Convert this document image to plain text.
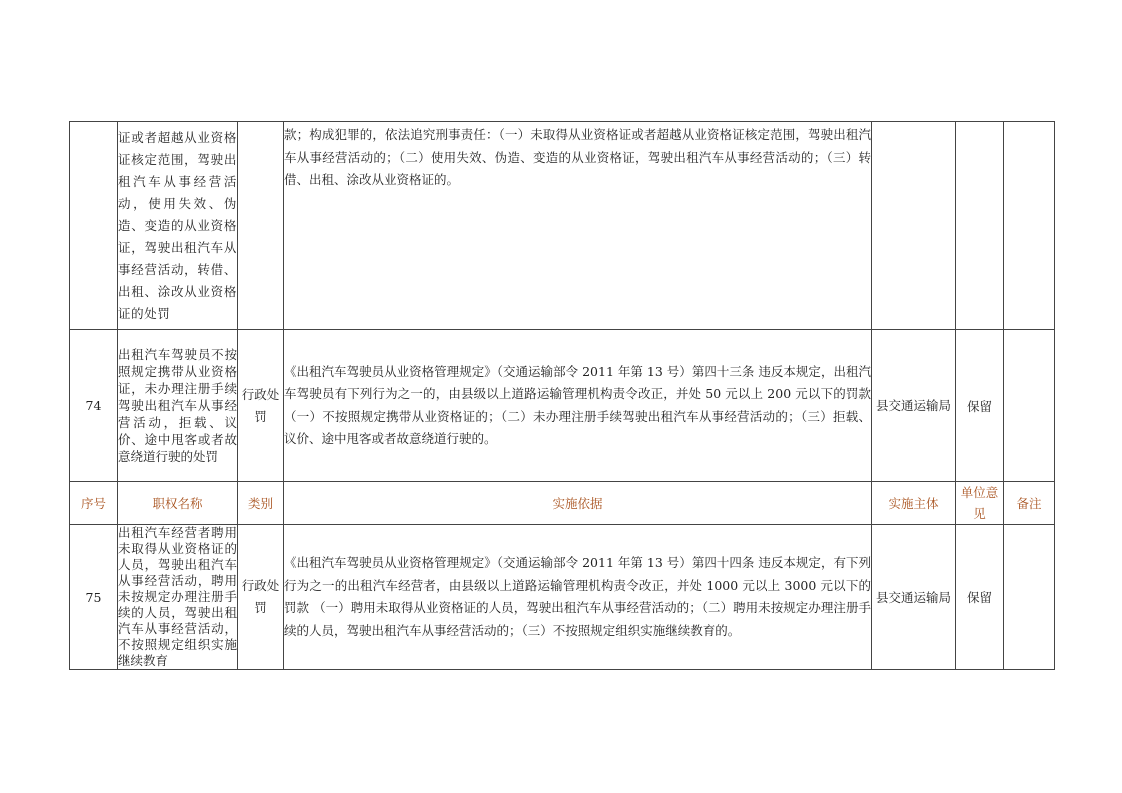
	证或者超越从业资格证核定范围，驾驶出租汽车从事经营活动，使用失效、伪造、变造的从业资格证，驾驶出租汽车从事经营活动，转借、出租、涂改从业资格证的处罚		款；构成犯罪的，依法追究刑事责任：（一）未取得从业资格证或者超越从业资格证核定范围，驾驶出租汽车从事经营活动的；（二）使用失效、伪造、变造的从业资格证，驾驶出租汽车从事经营活动的；（三）转借、出租、涂改从业资格证的。			
74	出租汽车驾驶员不按照规定携带从业资格证，未办理注册手续驾驶出租汽车从事经营活动，拒载、议价、途中甩客或者故意绕道行驶的处罚	行政处罚	《出租汽车驾驶员从业资格管理规定》（交通运输部令 2011 年第 13 号）第四十三条 违反本规定，出租汽车驾驶员有下列行为之一的，由县级以上道路运输管理机构责令改正，并处 50 元以上 200 元以下的罚款 （一）不按照规定携带从业资格证的；（二）未办理注册手续驾驶出租汽车从事经营活动的；（三）拒载、议价、途中甩客或者故意绕道行驶的。	县交通运输局	保留	
序号	职权名称	类别	实施依据	实施主体	单位意见	备注
75	出租汽车经营者聘用未取得从业资格证的人员，驾驶出租汽车从事经营活动，聘用未按规定办理注册手续的人员，驾驶出租汽车从事经营活动，不按照规定组织实施继续教育	行政处罚	《出租汽车驾驶员从业资格管理规定》（交通运输部令 2011 年第 13 号）第四十四条 违反本规定，有下列行为之一的出租汽车经营者，由县级以上道路运输管理机构责令改正，并处 1000 元以上 3000 元以下的罚款 （一）聘用未取得从业资格证的人员，驾驶出租汽车从事经营活动的；（二）聘用未按规定办理注册手续的人员，驾驶出租汽车从事经营活动的；（三）不按照规定组织实施继续教育的。	县交通运输局	保留	
